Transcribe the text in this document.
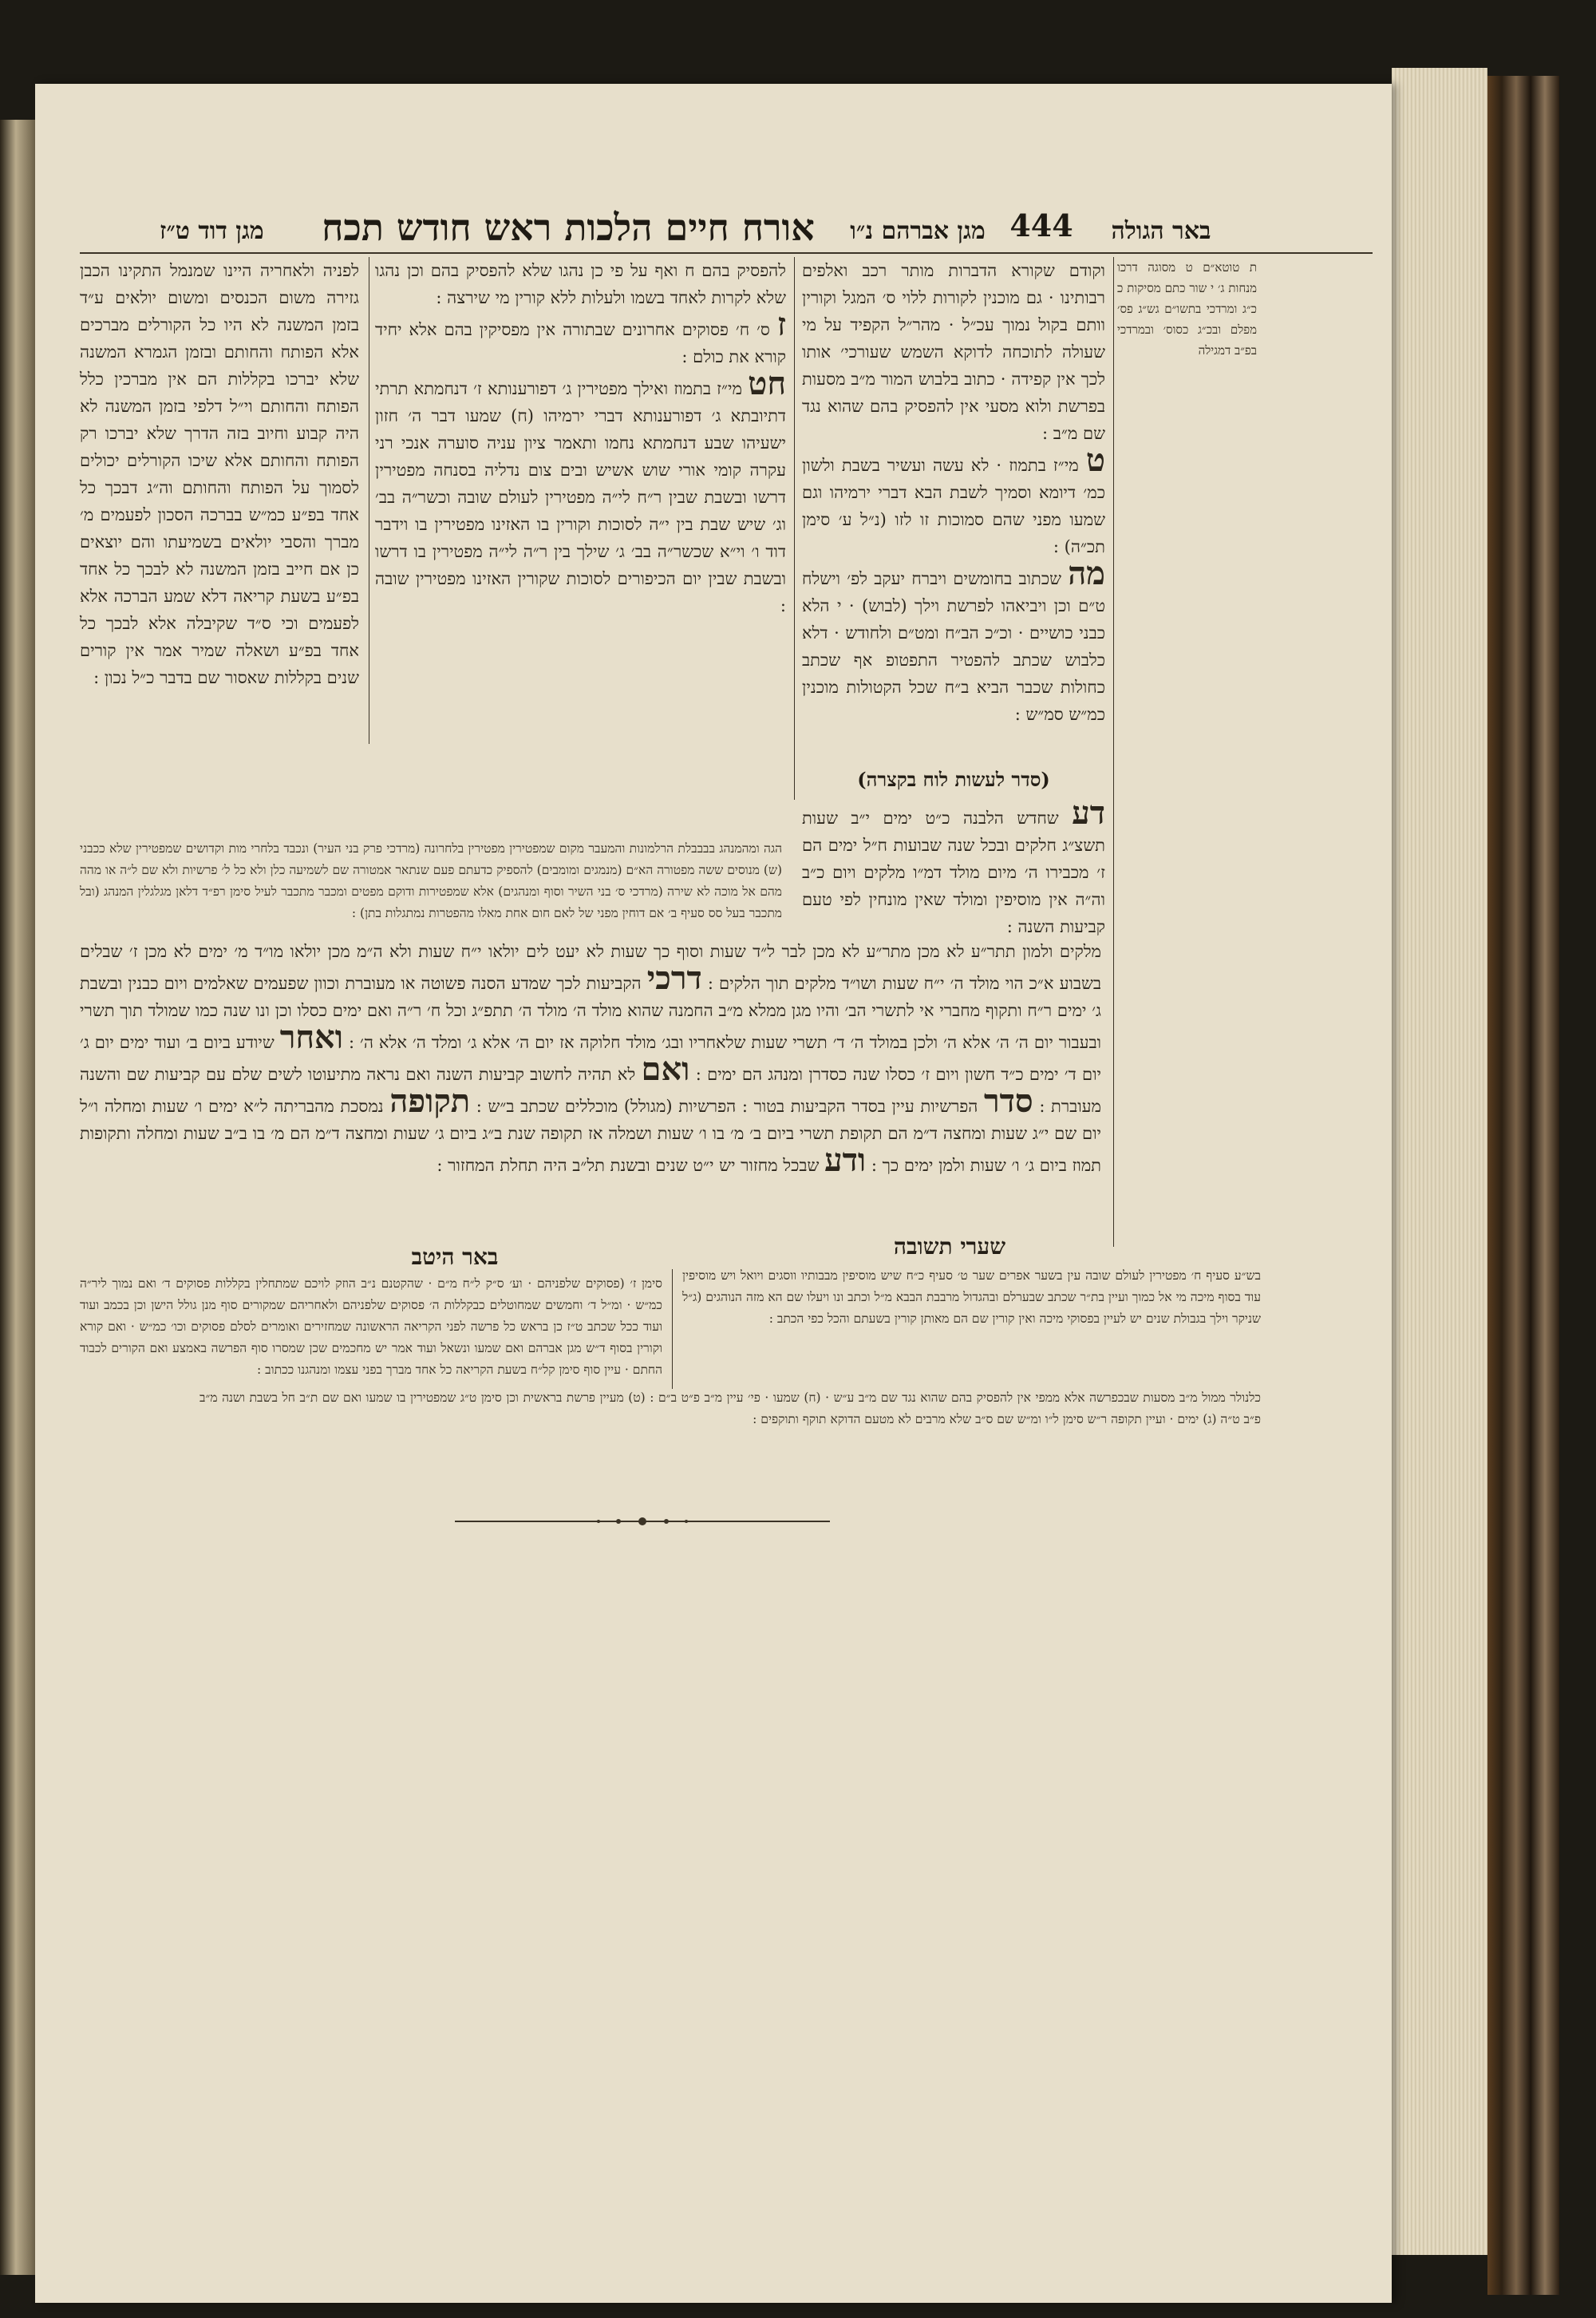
מגן דוד ט״ז	אורח חיים הלכות ראש חודש תכח	מגן אברהם נ״ו 444	באר הגולה
ת טוטא״ם ט מסוגה דרכו מנחות ג׳ י שור כתם מסיקות כ כ״ג ומרדכי בתשו״ם גש״ג פס׳ מפלם ובכ״ג כסוס׳ ובמרדכי בפ״ב דמגילה

וקודם שקורא הדברות מותר רכב ואלפים רבותינו · גם מוכנין לקורות ללוי ס׳ המגל וקורין וותם בקול נמוך עכ״ל · מהר״ל הקפיד על מי שעולה לתוכחה לדוקא השמש שעורכי׳ אותו לכך אין קפידה · כתוב בלבוש המור מ״ב מסעות בפרשת ולוא מסעי אין להפסיק בהם שהוא נגד שם מ״ב :

ט מי״ז בתמוז · לא עשה ועשיר בשבת ולשון כמ׳ דיומא וסמיך לשבת הבא דברי ירמיהו וגם שמעו מפני שהם סמוכות זו לזו (נ״ל ע׳ סימן תכ״ה) :

מה שכתוב בחומשים ויברח יעקב לפ׳ וישלח ט״ם וכן ויביאהו לפרשת וילך (לבוש) · י הלא כבני כושיים · וכ״כ הב״ח ומט״ם ולחודש · דלא כלבוש שכתב להפטיר התפטופ אף שכתב כחולות שכבר הביא ב״ח שכל הקטולות מוכנין כמ״ש סמ״ש :

(סדר לעשות לוח בקצרה)

דע שחדש הלבנה כ״ט ימים י״ב שעות תשצ״ג חלקים ובכל שנה שבועות ח״ל ימים הם ז׳ מכבירו ה׳ מיום מולד דמ״ו מלקים ויום כ״ב וה״ה אין מוסיפין ומולד שאין מונחין לפי טעם קביעות השנה :

להפסיק בהם ח ואף על פי כן נהגו שלא להפסיק בהם וכן נהגו שלא לקרות לאחד בשמו ולעלות ללא קורין מי שירצה :

ז ס׳ ח׳ פסוקים אחרונים שבתורה אין מפסיקין בהם אלא יחיד קורא את כולם :

חט מי״ז בתמוז ואילך מפטירין ג׳ דפורענותא ז׳ דנחמתא תרתי דתיובתא ג׳ דפורענותא דברי ירמיהו (ח) שמעו דבר ה׳ חזון ישעיהו שבע דנחמתא נחמו ותאמר ציון עניה סוערה אנכי רני עקרה קומי אורי שוש אשיש ובים צום נדליה בסנחה מפטירין דרשו ובשבת שבין ר״ח לי״ה מפטירין לעולם שובה וכשר״ה בב׳ וג׳ שיש שבת בין י״ה לסוכות וקורין בו האזינו מפטירין בו וידבר דוד ו׳ וי״א שכשר״ה בב׳ ג׳ שילך בין ר״ה לי״ה מפטירין בו דרשו ובשבת שבין יום הכיפורים לסוכות שקורין האזינו מפטירין שובה :

לפניה ולאחריה היינו שמנמל התקינו הכבן גזירה משום הכנסים ומשום יולאים ע״ד בזמן המשנה לא היו כל הקורלים מברכים אלא הפותח והחותם ובזמן הגמרא המשנה שלא יברכו בקללות הם אין מברכין כלל הפותח והחותם וי״ל דלפי בזמן המשנה לא היה קבוע וחיוב בזה הדרך שלא יברכו רק הפותח והחותם אלא שיכו הקורלים יכולים לסמוך על הפותח והחותם וה״ג דבכך כל אחד בפ״ע כמ״ש בברכה הסכון לפעמים מ׳ מברך והסבי יולאים בשמיעתו והם יוצאים כן אם חייב בזמן המשנה לא לבכך כל אחד בפ״ע בשעת קריאה דלא שמע הברכה אלא לפעמים וכי ס״ד שקיבלה אלא לבכך כל אחד בפ״ע ושאלה שמיר אמר אין קורים שנים בקללות שאסור שם בדבר כ״ל נכון :

הגה ומהמנהג בבבבלת הרלמונות והמעבר מקום שמפטירין מפטירין בלחרונה (מרדכי פרק בני העיר) ונכבד בלחרי מות וקדושים שמפטירין שלא ככבני (ש) מנוסים ששה מפטורה הא״ם (מנמגים ומומבים) להספיק כדעתם פעם שנתאר אמטורה שם לשמיעה כלן ולא כל ל׳ פרשיות ולא שם ל״ה או מהה מהם אל מוכה לא שירה (מרדכי ס׳ בני השיר וסוף ומנהגים) אלא שמפטירות ודוקם מפטים ומכבר מתכבר לעיל סימן רפ״ד דלאן מגלגלין המנהג (ובל מתכבר בעל סס סעיף ב׳ אם דוחין מפני של לאם חום אחת מאלו מהפטרות נמתגלות בתן) :

מלקים ולמון תתר״ע לא מכן מתר״ע לא מכן לבר ל״ד שעות וסוף כך שעות לא יעט לים יולאו י״ח שעות ולא ה״מ מכן יולאו מו״ד מ׳ ימים לא מכן ז׳ שבלים בשבוע א״כ הוי מולד ה׳ י״ח שעות ושו״ד מלקים תוך הלקים : דרכי הקביעות לכך שמדע הסנה פשוטה או מעוברת וכוון שפעמים שאלמים ויום כבנין ובשבת ג׳ ימים ר״ח ותקוף מחברי אי לתשרי הב׳ והיו מגן ממלא מ״ב החמנה שהוא מולד ה׳ מולד ה׳ תתפ״ג וכל ח׳ ר״ה ואם ימים כסלו וכן ונו שנה כמו שמולד תוך תשרי ובעבור יום ה׳ ה׳ אלא ה׳ ולכן במולד ה׳ ד׳ תשרי שעות שלאחריו ובג׳ מולד חלוקה אז יום ה׳ אלא ג׳ ומלד ה׳ אלא ה׳ : ואחר שיודע ביום ב׳ ועוד ימים יום ג׳ יום ד׳ ימים כ״ד חשון ויום ז׳ כסלו שנה כסדרן ומנהג הם ימים : ואם לא תהיה לחשוב קביעות השנה ואם נראה מתיעוטו לשים שלם עם קביעות שם והשנה מעוברת : סדר הפרשיות עיין בסדר הקביעות בטור : הפרשיות (מגולל) מוכללים שכתב ב״ש : תקופה נמסכת מהבריתה ל״א ימים ו׳ שעות ומחלה ו״ל יום שם י״ג שעות ומחצה ד״מ הם תקופת תשרי ביום ב׳ מ׳ בו ו׳ שעות ושמלה אז תקופה שנת ב״ג ביום ג׳ שעות ומחצה ד״מ הם מ׳ בו ב״ב שעות ומחלה ותקופות תמוז ביום ג׳ ו׳ שעות ולמן ימים כך : ודע שבכל מחזור יש י״ט שנים ובשנת תל״ב היה תחלת המחזור :

באר היטב	שערי תשובה
סימן ז׳ (פסוקים שלפניהם · וע׳ ס״ק ל״ח מ״ם · שהקטנם נ״ב הוזק לויכם שמתחלין בקללות פסוקים ד׳ ואם נמוך ליר״ה כמ״ש · ומ״ל ד׳ וחמשים שמחוטלים כבקללות ה׳ פסוקים שלפניהם ולאחריהם שמקורים סוף מנן גולל הישן וכן בכמב ועוד ועוד ככל שכתב ט״ז כן בראש כל פרשה לפני הקריאה הראשונה שמחזירים ואומרים לסלם פסוקים וכו׳ כמ״ש · ואם קורא וקורין בסוף ד״ש מגן אברהם ואם שמעו ונשאל ועוד אמר יש מחכמים שכן שמסרו סוף הפרשה באמצע ואם הקורים לכבוד החתם · עיין סוף סימן קל״ח בשעת הקריאה כל אחד מברך בפני עצמו ומנהגנו ככתוב :
בש״ע סעיף ח׳ מפטירין לעולם שובה עין בשער אפרים שער ט׳ סעיף כ״ח שיש מוסיפין מבבותיו ווסגים ויואל ויש מוסיפין עוד בסוף מיכה מי אל כמוך ועיין בת״ר שכתב שבערלם ובהגדול מרבבת הבבא מ״ל וכתב ונו ויעלו שם הא מזה הנוהגים (ג״ל שניקר וילך בגבולת שנים יש לעיין בפסוקי מיכה ואין קורין שם הם מאותן קורין בשעתם והכל כפי הכתב :
כלנולר ממול מ״ב מסעות שבכפרשה אלא ממפי אין להפסיק בהם שהוא נגד שם מ״ב ע״ש · (ח) שמעו · פי׳ עיין מ״ב פ״ט ב״ם : (ט) מעיין פרשת בראשית וכן סימן ט״ג שמפטירין בו שמעו ואם שם ת״ב חל בשבת ושנה מ״ב פ״ב ט״ה (ג) ימים · ועיין תקופה ר״ש סימן ל״ו ומ״ש שם ס״ב שלא מרבים לא מטעם הדוקא תוקף ותוקפים :
